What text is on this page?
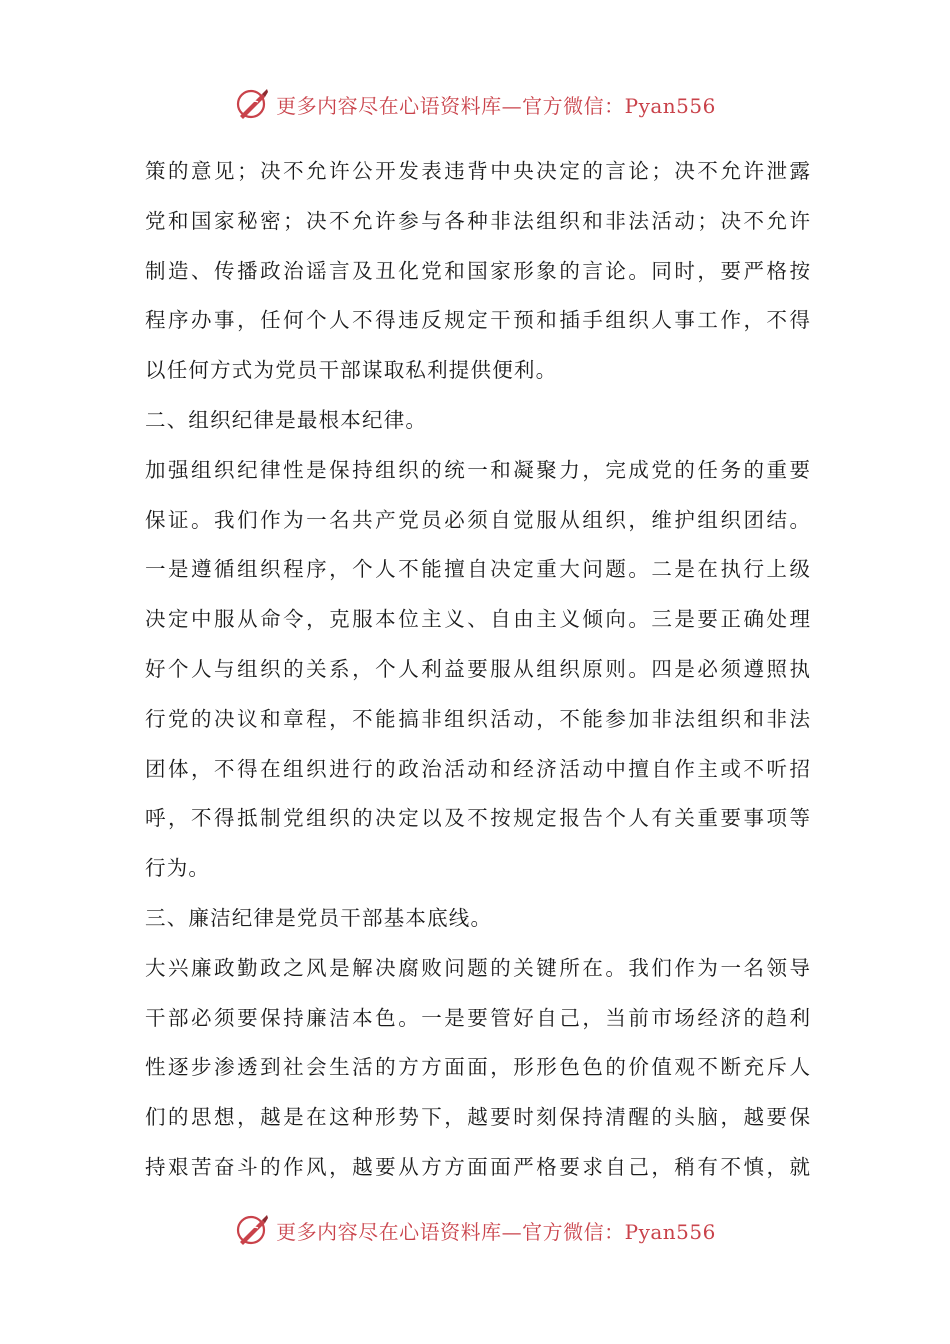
更多内容尽在心语资料库—官方微信：Pyan556
策的意见；决不允许公开发表违背中央决定的言论；决不允许泄露
党和国家秘密；决不允许参与各种非法组织和非法活动；决不允许
制造、传播政治谣言及丑化党和国家形象的言论。同时，要严格按
程序办事，任何个人不得违反规定干预和插手组织人事工作，不得
以任何方式为党员干部谋取私利提供便利。
二、组织纪律是最根本纪律。
加强组织纪律性是保持组织的统一和凝聚力，完成党的任务的重要
保证。我们作为一名共产党员必须自觉服从组织，维护组织团结。
一是遵循组织程序，个人不能擅自决定重大问题。二是在执行上级
决定中服从命令，克服本位主义、自由主义倾向。三是要正确处理
好个人与组织的关系，个人利益要服从组织原则。四是必须遵照执
行党的决议和章程，不能搞非组织活动，不能参加非法组织和非法
团体，不得在组织进行的政治活动和经济活动中擅自作主或不听招
呼，不得抵制党组织的决定以及不按规定报告个人有关重要事项等
行为。
三、廉洁纪律是党员干部基本底线。
大兴廉政勤政之风是解决腐败问题的关键所在。我们作为一名领导
干部必须要保持廉洁本色。一是要管好自己，当前市场经济的趋利
性逐步渗透到社会生活的方方面面，形形色色的价值观不断充斥人
们的思想，越是在这种形势下，越要时刻保持清醒的头脑，越要保
持艰苦奋斗的作风，越要从方方面面严格要求自己，稍有不慎，就
更多内容尽在心语资料库—官方微信：Pyan556
